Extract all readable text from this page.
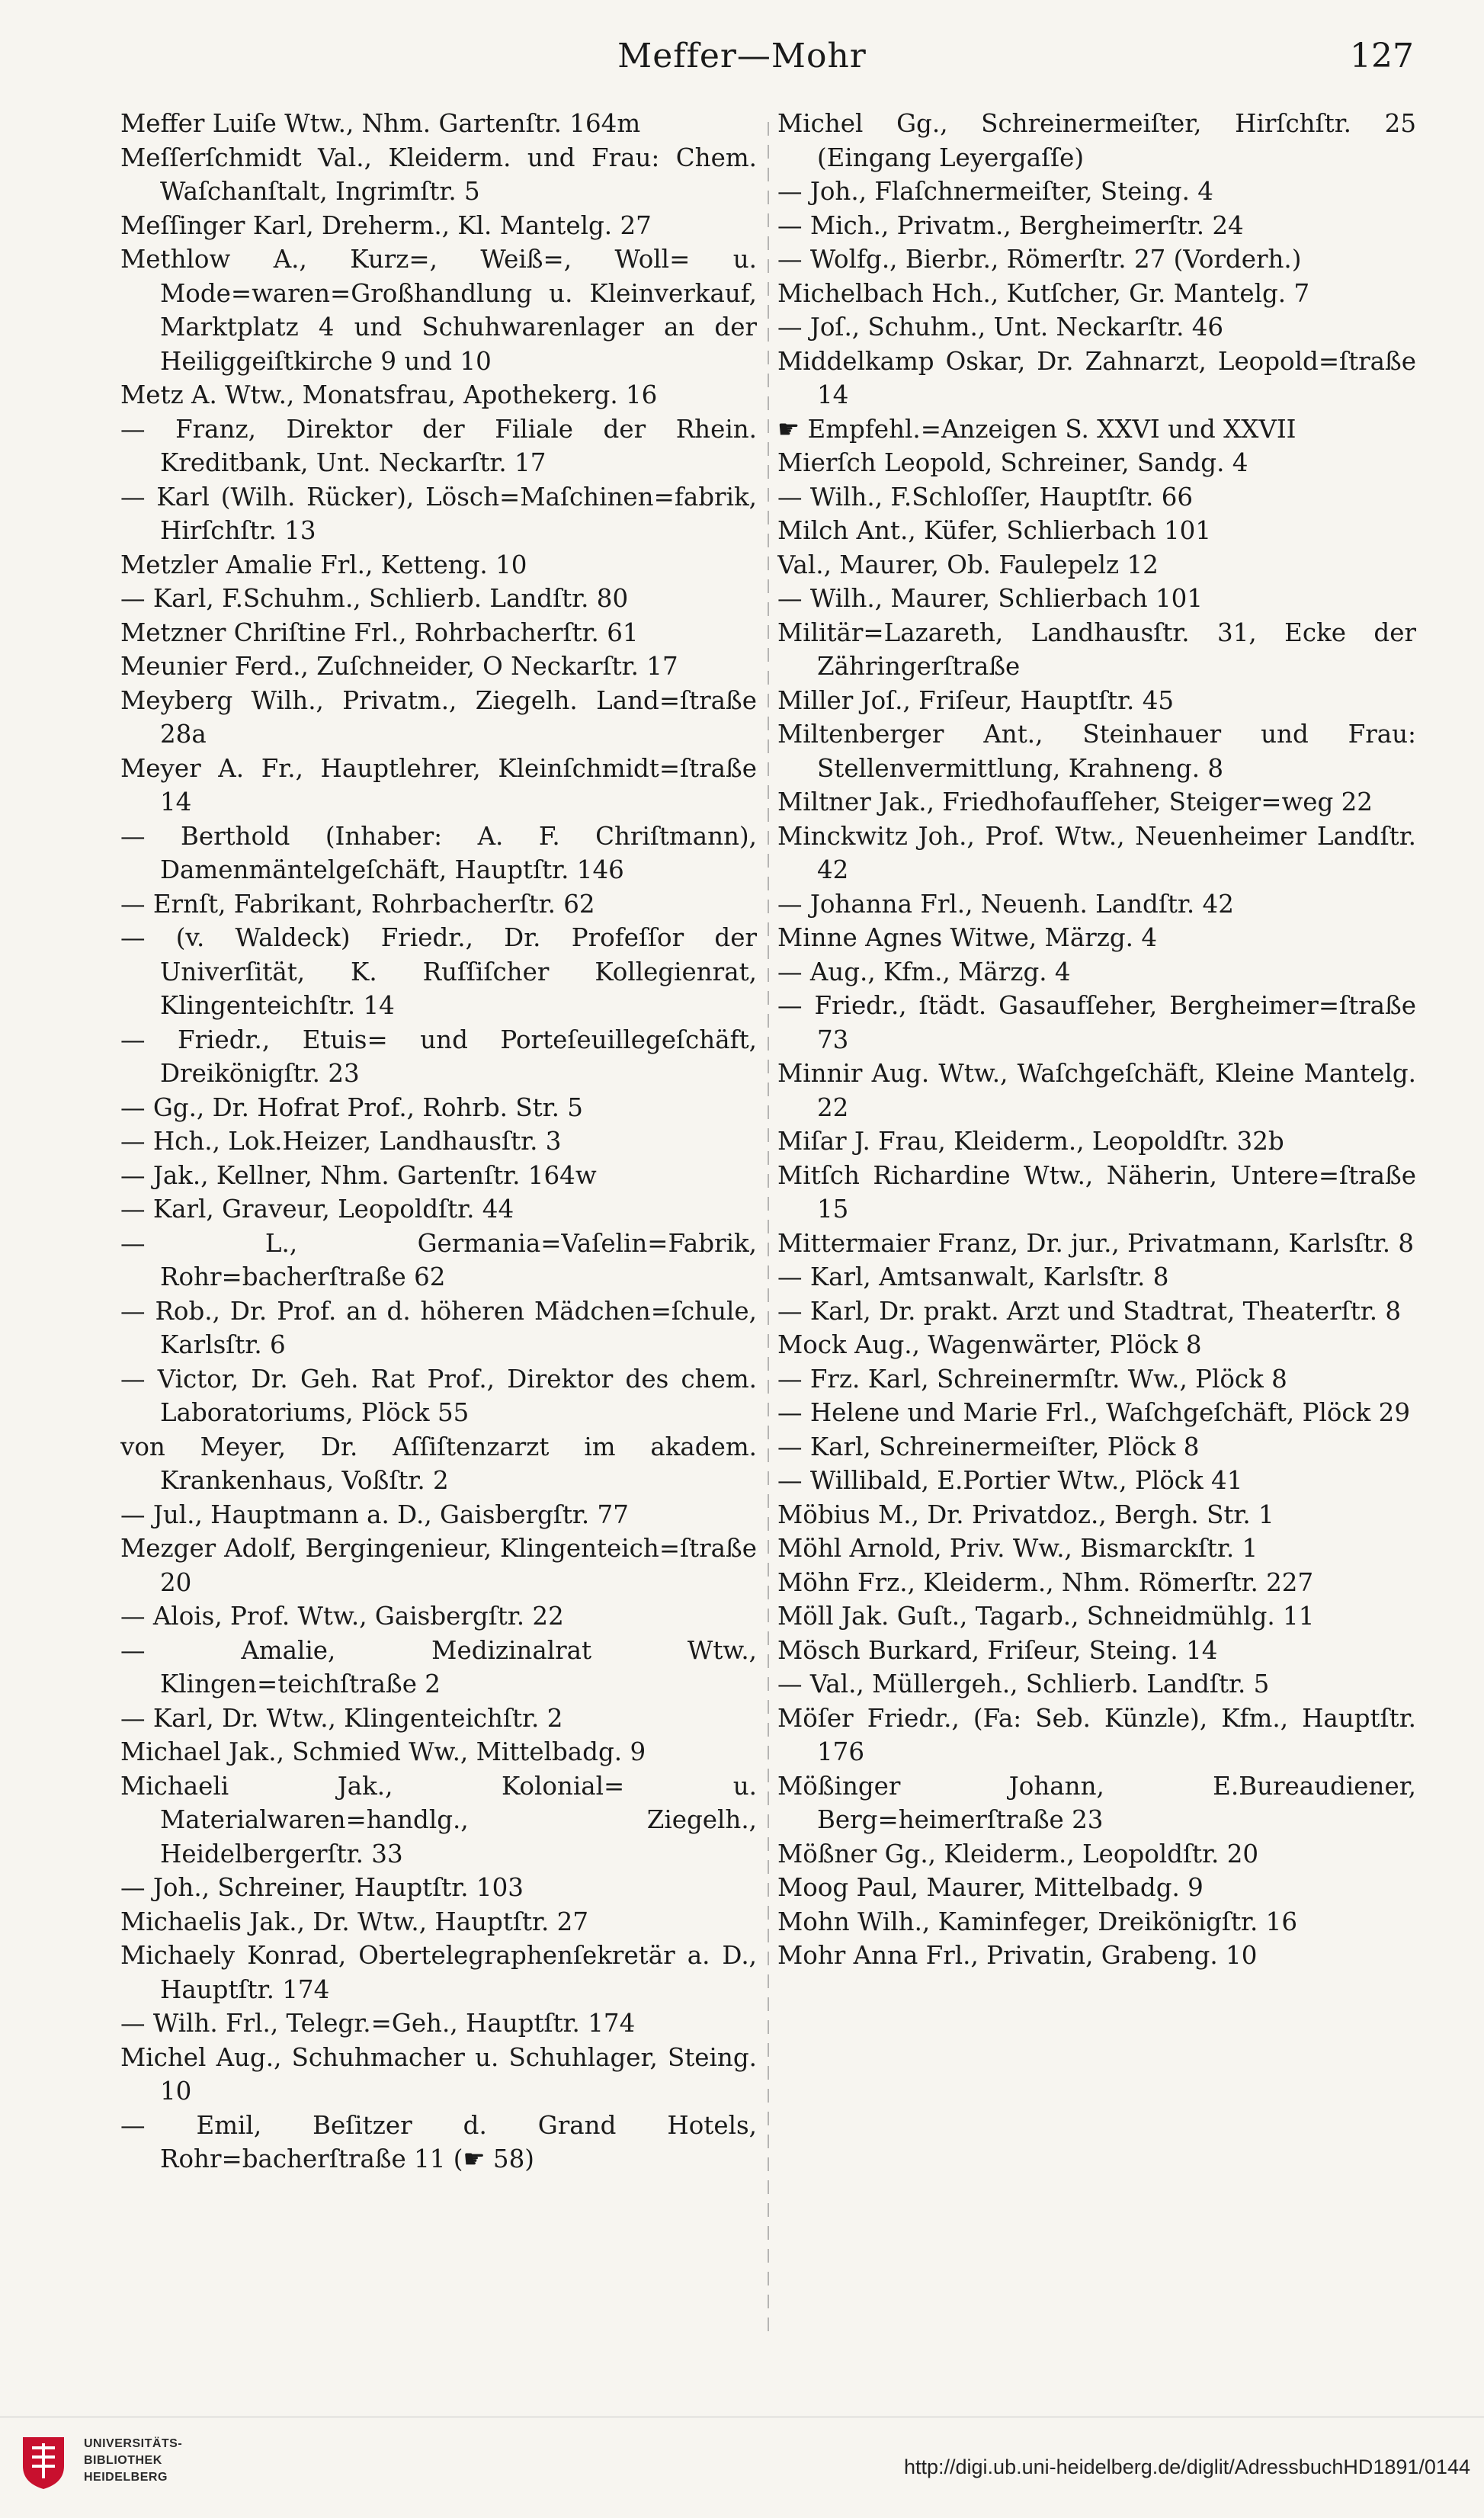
Meffer—Mohr	127
Meffer Luiſe Wtw., Nhm. Gartenſtr. 164m
Meſſerſchmidt Val., Kleiderm. und Frau: Chem. Waſchanſtalt, Ingrimſtr. 5
Meſſinger Karl, Dreherm., Kl. Mantelg. 27
Methlow A., Kurz=, Weiß=, Woll= u. Mode=waren=Großhandlung u. Kleinverkauf, Marktplatz 4 und Schuhwarenlager an der Heiliggeiſtkirche 9 und 10
Metz A. Wtw., Monatsfrau, Apothekerg. 16
— Franz, Direktor der Filiale der Rhein. Kreditbank, Unt. Neckarſtr. 17
— Karl (Wilh. Rücker), Lösch=Maſchinen=fabrik, Hirſchſtr. 13
Metzler Amalie Frl., Ketteng. 10
— Karl, F.Schuhm., Schlierb. Landſtr. 80
Metzner Chriſtine Frl., Rohrbacherſtr. 61
Meunier Ferd., Zuſchneider, O Neckarſtr. 17
Meyberg Wilh., Privatm., Ziegelh. Land=ſtraße 28a
Meyer A. Fr., Hauptlehrer, Kleinſchmidt=ſtraße 14
— Berthold (Inhaber: A. F. Chriſtmann), Damenmäntelgeſchäft, Hauptſtr. 146
— Ernſt, Fabrikant, Rohrbacherſtr. 62
— (v. Waldeck) Friedr., Dr. Profeſſor der Univerſität, K. Ruſſiſcher Kollegienrat, Klingenteichſtr. 14
— Friedr., Etuis= und Porteſeuillegeſchäft, Dreikönigſtr. 23
— Gg., Dr. Hofrat Prof., Rohrb. Str. 5
— Hch., Lok.Heizer, Landhausſtr. 3
— Jak., Kellner, Nhm. Gartenſtr. 164w
— Karl, Graveur, Leopoldſtr. 44
— L., Germania=Vaſelin=Fabrik, Rohr=bacherſtraße 62
— Rob., Dr. Prof. an d. höheren Mädchen=ſchule, Karlsſtr. 6
— Victor, Dr. Geh. Rat Prof., Direktor des chem. Laboratoriums, Plöck 55
von Meyer, Dr. Aſſiſtenzarzt im akadem. Krankenhaus, Voßſtr. 2
— Jul., Hauptmann a. D., Gaisbergſtr. 77
Mezger Adolf, Bergingenieur, Klingenteich=ſtraße 20
— Alois, Prof. Wtw., Gaisbergſtr. 22
— Amalie, Medizinalrat Wtw., Klingen=teichſtraße 2
— Karl, Dr. Wtw., Klingenteichſtr. 2
Michael Jak., Schmied Ww., Mittelbadg. 9
Michaeli Jak., Kolonial= u. Materialwaren=handlg., Ziegelh., Heidelbergerſtr. 33
— Joh., Schreiner, Hauptſtr. 103
Michaelis Jak., Dr. Wtw., Hauptſtr. 27
Michaely Konrad, Obertelegraphenſekretär a. D., Hauptſtr. 174
— Wilh. Frl., Telegr.=Geh., Hauptſtr. 174
Michel Aug., Schuhmacher u. Schuhlager, Steing. 10
— Emil, Beſitzer d. Grand Hotels, Rohr=bacherſtraße 11 (☛ 58)
Michel Gg., Schreinermeiſter, Hirſchſtr. 25 (Eingang Leyergaſſe)
— Joh., Flaſchnermeiſter, Steing. 4
— Mich., Privatm., Bergheimerſtr. 24
— Wolfg., Bierbr., Römerſtr. 27 (Vorderh.)
Michelbach Hch., Kutſcher, Gr. Mantelg. 7
— Joſ., Schuhm., Unt. Neckarſtr. 46
Middelkamp Oskar, Dr. Zahnarzt, Leopold=ſtraße 14
☛ Empfehl.=Anzeigen S. XXVI und XXVII
Mierſch Leopold, Schreiner, Sandg. 4
— Wilh., F.Schloſſer, Hauptſtr. 66
Milch Ant., Küfer, Schlierbach 101
Val., Maurer, Ob. Faulepelz 12
— Wilh., Maurer, Schlierbach 101
Militär=Lazareth, Landhausſtr. 31, Ecke der Zähringerſtraße
Miller Joſ., Friſeur, Hauptſtr. 45
Miltenberger Ant., Steinhauer und Frau: Stellenvermittlung, Krahneng. 8
Miltner Jak., Friedhofaufſeher, Steiger=weg 22
Minckwitz Joh., Prof. Wtw., Neuenheimer Landſtr. 42
— Johanna Frl., Neuenh. Landſtr. 42
Minne Agnes Witwe, Märzg. 4
— Aug., Kfm., Märzg. 4
— Friedr., ſtädt. Gasaufſeher, Bergheimer=ſtraße 73
Minnir Aug. Wtw., Waſchgeſchäft, Kleine Mantelg. 22
Miſar J. Frau, Kleiderm., Leopoldſtr. 32b
Mitſch Richardine Wtw., Näherin, Untere=ſtraße 15
Mittermaier Franz, Dr. jur., Privatmann, Karlsſtr. 8
— Karl, Amtsanwalt, Karlsſtr. 8
— Karl, Dr. prakt. Arzt und Stadtrat, Theaterſtr. 8
Mock Aug., Wagenwärter, Plöck 8
— Frz. Karl, Schreinermſtr. Ww., Plöck 8
— Helene und Marie Frl., Waſchgeſchäft, Plöck 29
— Karl, Schreinermeiſter, Plöck 8
— Willibald, E.Portier Wtw., Plöck 41
Möbius M., Dr. Privatdoz., Bergh. Str. 1
Möhl Arnold, Priv. Ww., Bismarckſtr. 1
Möhn Frz., Kleiderm., Nhm. Römerſtr. 227
Möll Jak. Guſt., Tagarb., Schneidmühlg. 11
Mösch Burkard, Friſeur, Steing. 14
— Val., Müllergeh., Schlierb. Landſtr. 5
Möſer Friedr., (Fa: Seb. Künzle), Kfm., Hauptſtr. 176
Mößinger Johann, E.Bureaudiener, Berg=heimerſtraße 23
Mößner Gg., Kleiderm., Leopoldſtr. 20
Moog Paul, Maurer, Mittelbadg. 9
Mohn Wilh., Kaminfeger, Dreikönigſtr. 16
Mohr Anna Frl., Privatin, Grabeng. 10
UNIVERSITÄTS-
BIBLIOTHEK
HEIDELBERG	http://digi.ub.uni-heidelberg.de/diglit/AdressbuchHD1891/0144
